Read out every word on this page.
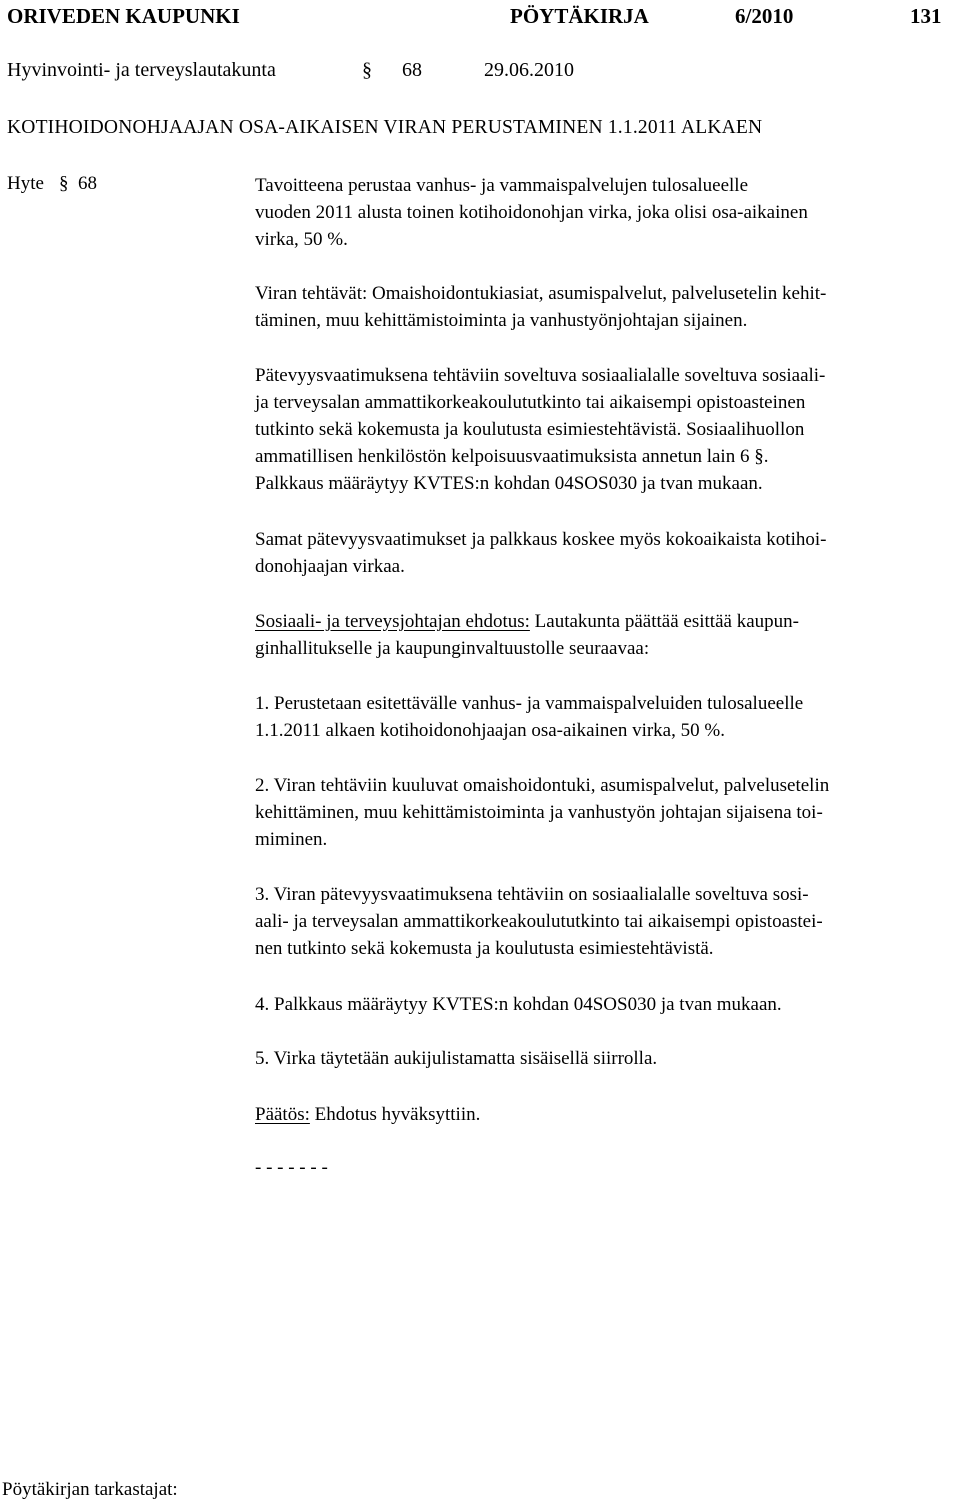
ORIVEDEN KAUPUNKI	PÖYTÄKIRJA	6/2010	131
Hyvinvointi- ja terveyslautakunta	§ 68	29.06.2010
KOTIHOIDONOHJAAJAN OSA-AIKAISEN VIRAN PERUSTAMINEN 1.1.2011 ALKAEN
Hyte § 68	Tavoitteena perustaa vanhus- ja vammaispalvelujen tulosalueelle
vuoden 2011 alusta toinen kotihoidonohjan virka, joka olisi osa-aikainen
virka, 50 %.
Viran tehtävät: Omaishoidontukiasiat, asumispalvelut, palvelusetelin kehit-
täminen, muu kehittämistoiminta ja vanhustyönjohtajan sijainen.
Pätevyysvaatimuksena tehtäviin soveltuva sosiaalialalle soveltuva sosiaali-
ja terveysalan ammattikorkeakoulututkinto tai aikaisempi opistoasteinen
tutkinto sekä kokemusta ja koulutusta esimiestehtävistä. Sosiaalihuollon
ammatillisen henkilöstön kelpoisuusvaatimuksista annetun lain 6 §.
Palkkaus määräytyy KVTES:n kohdan 04SOS030 ja tvan mukaan.
Samat pätevyysvaatimukset ja palkkaus koskee myös kokoaikaista kotihoi-
donohjaajan virkaa.
Sosiaali- ja terveysjohtajan ehdotus: Lautakunta päättää esittää kaupun-
ginhallitukselle ja kaupunginvaltuustolle seuraavaa:
1. Perustetaan esitettävälle vanhus- ja vammaispalveluiden tulosalueelle
1.1.2011 alkaen kotihoidonohjaajan osa-aikainen virka, 50 %.
2. Viran tehtäviin kuuluvat omaishoidontuki, asumispalvelut, palvelusetelin
kehittäminen, muu kehittämistoiminta ja vanhustyön johtajan sijaisena toi-
miminen.
3. Viran pätevyysvaatimuksena tehtäviin on sosiaalialalle soveltuva sosi-
aali- ja terveysalan ammattikorkeakoulututkinto tai aikaisempi opistoastei-
nen tutkinto sekä kokemusta ja koulutusta esimiestehtävistä.
4. Palkkaus määräytyy KVTES:n kohdan 04SOS030 ja tvan mukaan.
5. Virka täytetään aukijulistamatta sisäisellä siirrolla.
Päätös: Ehdotus hyväksyttiin.
- - - - - - -
Pöytäkirjan tarkastajat:
